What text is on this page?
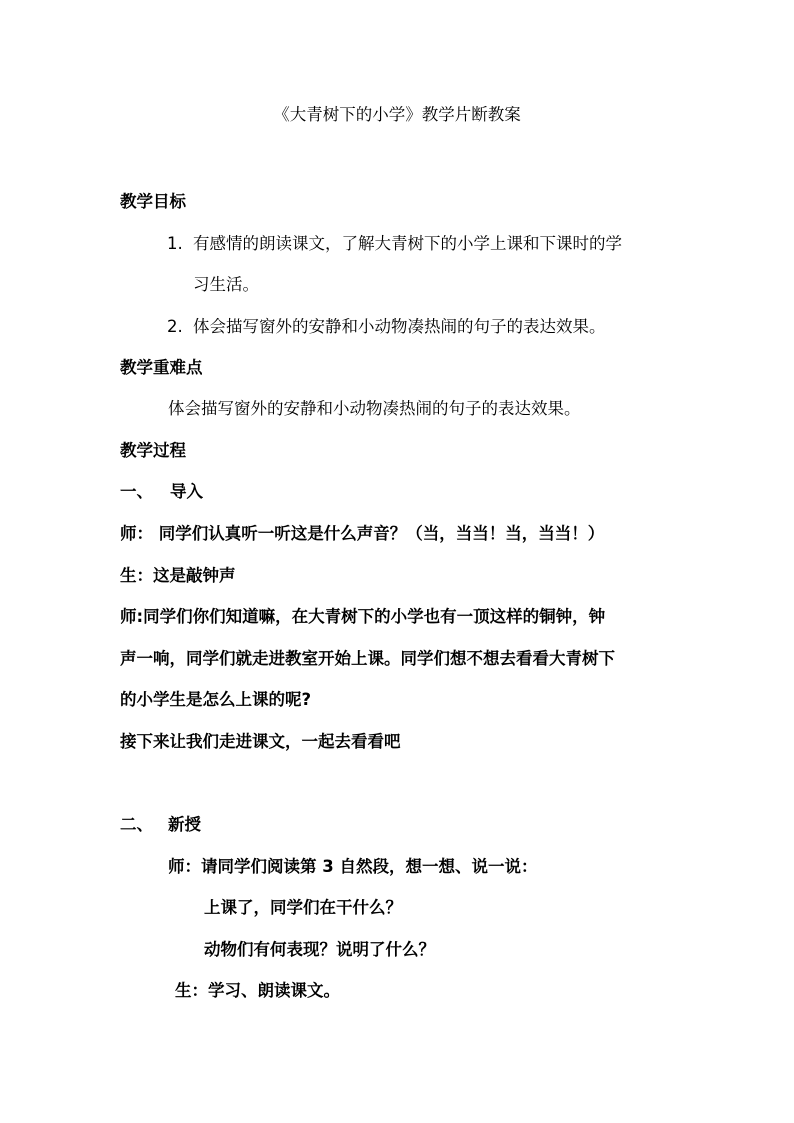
《大青树下的小学》教学片断教案
教学目标
1. 有感情的朗读课文，了解大青树下的小学上课和下课时的学
习生活。
2. 体会描写窗外的安静和小动物凑热闹的句子的表达效果。
教学重难点
体会描写窗外的安静和小动物凑热闹的句子的表达效果。
教学过程
一、 导入
师： 同学们认真听一听这是什么声音？（当，当当！当，当当！）
生：这是敲钟声
师:同学们你们知道嘛，在大青树下的小学也有一顶这样的铜钟，钟
声一响，同学们就走进教室开始上课。同学们想不想去看看大青树下
的小学生是怎么上课的呢?
接下来让我们走进课文，一起去看看吧
二、 新授
师：请同学们阅读第 3 自然段，想一想、说一说：
上课了，同学们在干什么？
动物们有何表现？说明了什么？
生：学习、朗读课文。
